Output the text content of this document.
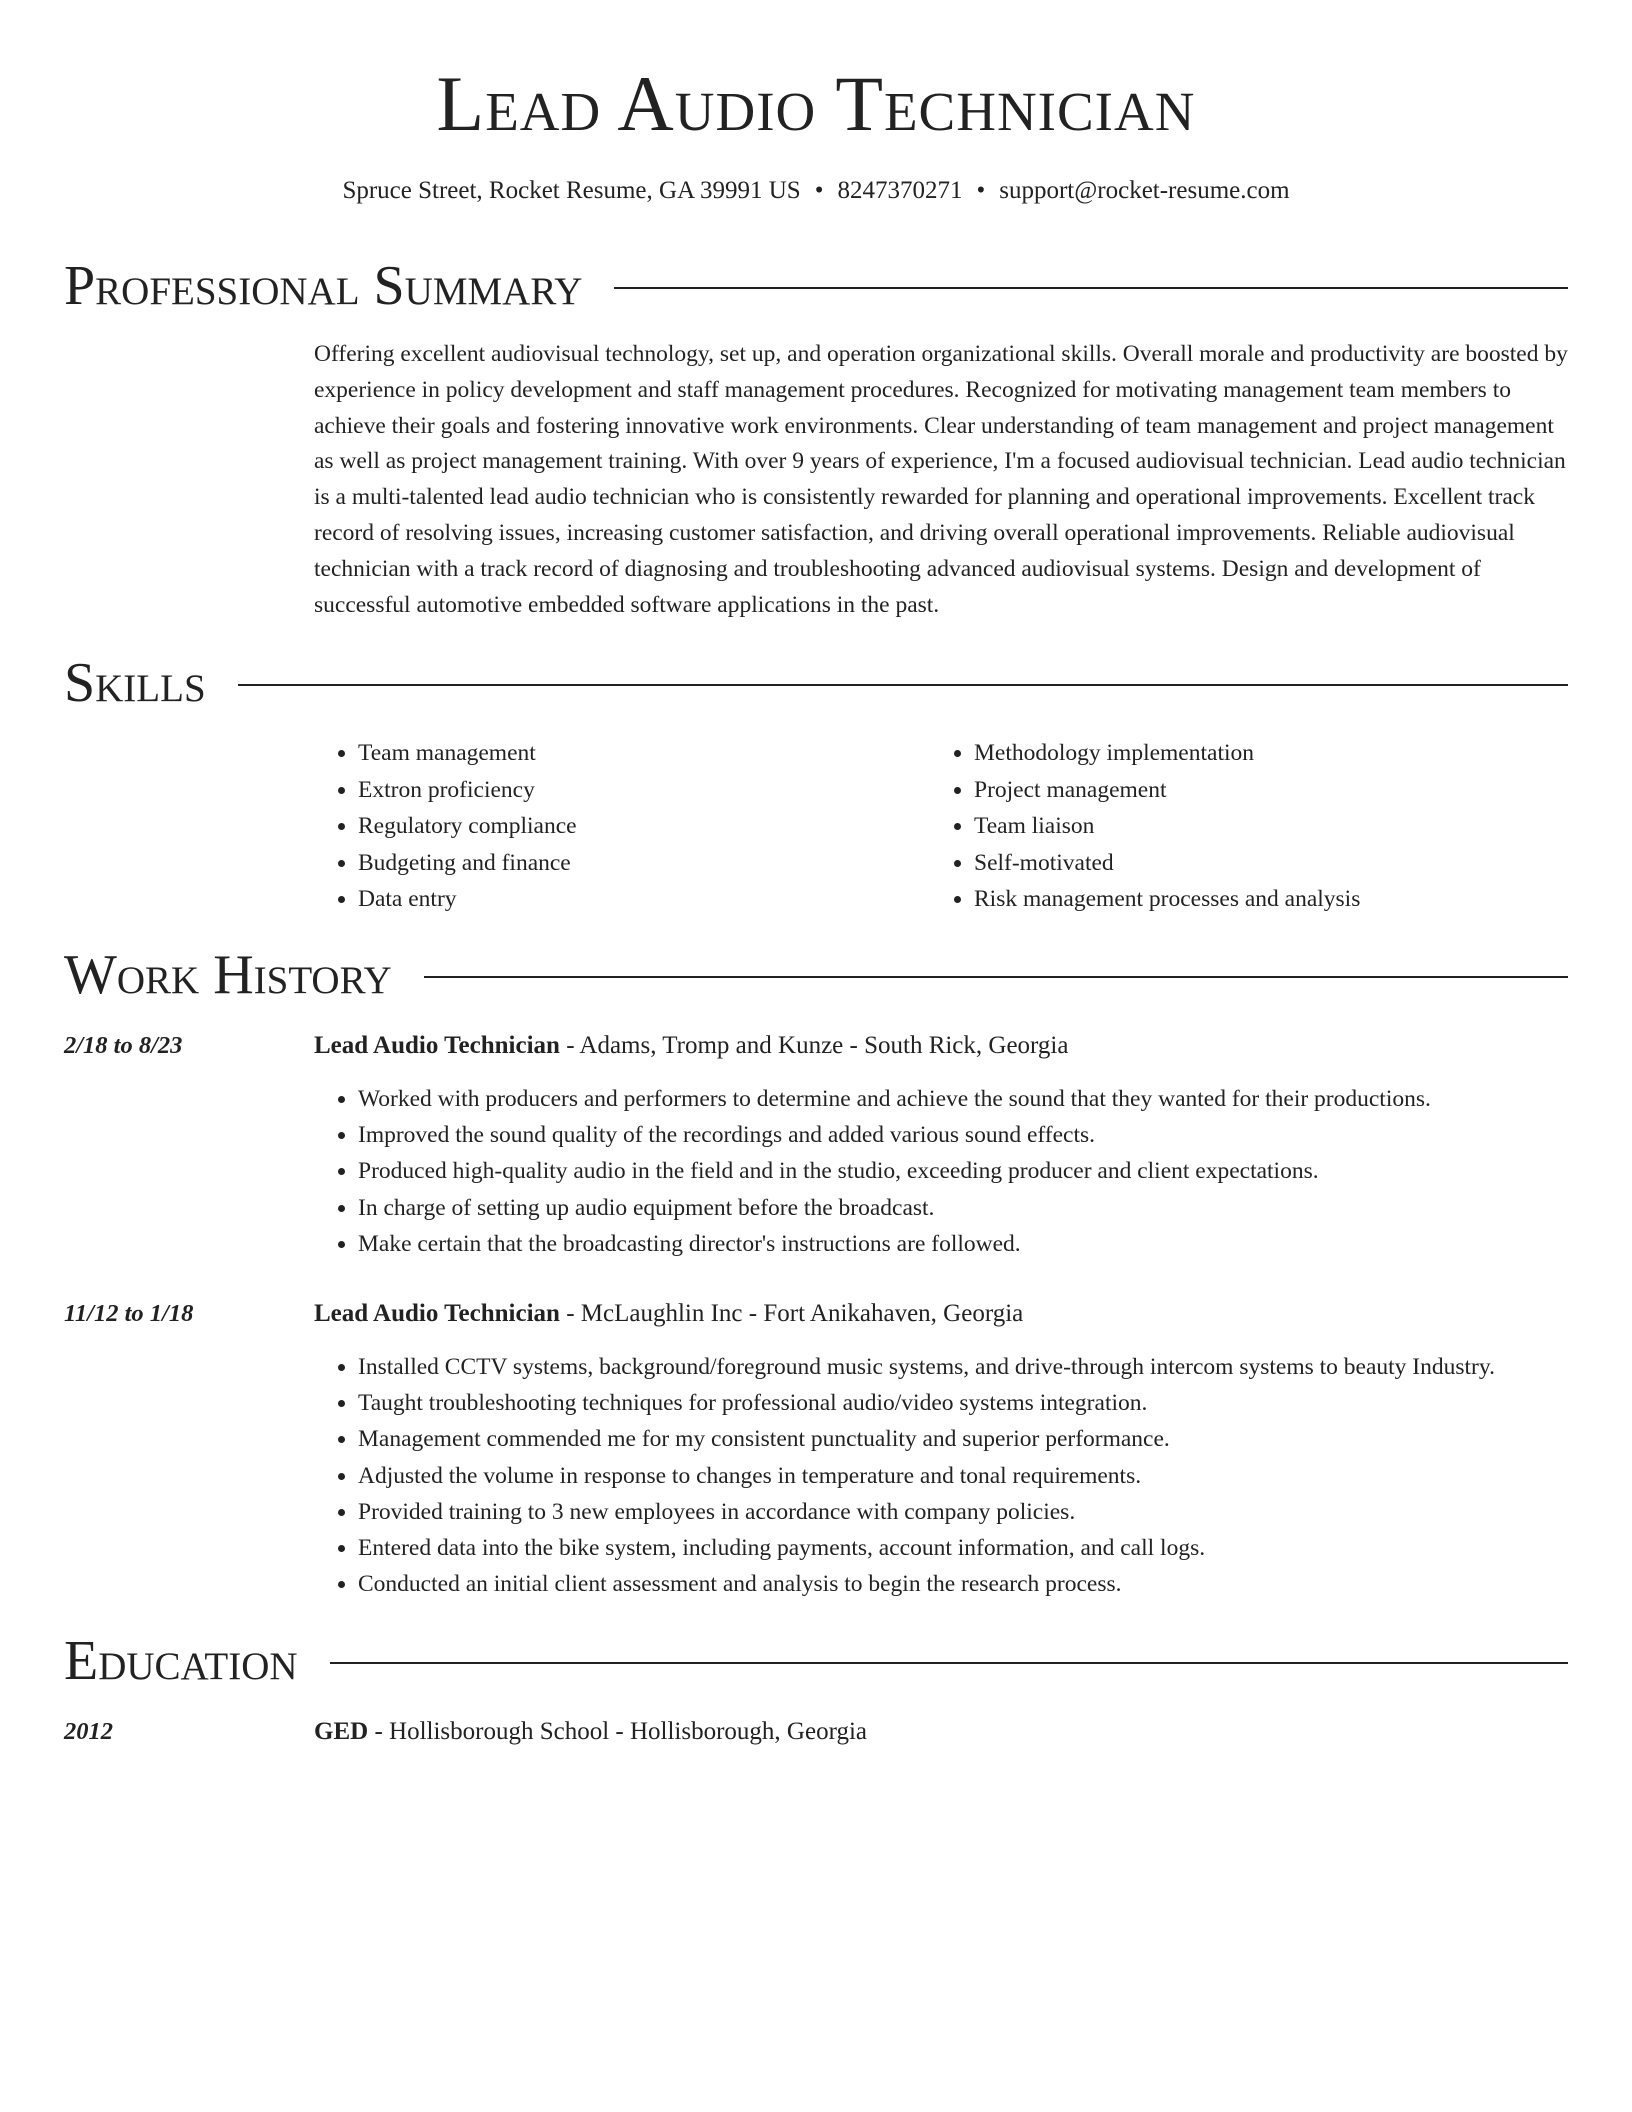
Lead Audio Technician
Spruce Street, Rocket Resume, GA 39991 US • 8247370271 • support@rocket-resume.com
Professional Summary
Offering excellent audiovisual technology, set up, and operation organizational skills. Overall morale and productivity are boosted by experience in policy development and staff management procedures. Recognized for motivating management team members to achieve their goals and fostering innovative work environments. Clear understanding of team management and project management as well as project management training. With over 9 years of experience, I'm a focused audiovisual technician. Lead audio technician is a multi-talented lead audio technician who is consistently rewarded for planning and operational improvements. Excellent track record of resolving issues, increasing customer satisfaction, and driving overall operational improvements. Reliable audiovisual technician with a track record of diagnosing and troubleshooting advanced audiovisual systems. Design and development of successful automotive embedded software applications in the past.
Skills
• Team management
• Extron proficiency
• Regulatory compliance
• Budgeting and finance
• Data entry
• Methodology implementation
• Project management
• Team liaison
• Self-motivated
• Risk management processes and analysis
Work History
2/18 to 8/23	Lead Audio Technician - Adams, Tromp and Kunze - South Rick, Georgia
• Worked with producers and performers to determine and achieve the sound that they wanted for their productions.
• Improved the sound quality of the recordings and added various sound effects.
• Produced high-quality audio in the field and in the studio, exceeding producer and client expectations.
• In charge of setting up audio equipment before the broadcast.
• Make certain that the broadcasting director's instructions are followed.
11/12 to 1/18	Lead Audio Technician - McLaughlin Inc - Fort Anikahaven, Georgia
• Installed CCTV systems, background/foreground music systems, and drive-through intercom systems to beauty Industry.
• Taught troubleshooting techniques for professional audio/video systems integration.
• Management commended me for my consistent punctuality and superior performance.
• Adjusted the volume in response to changes in temperature and tonal requirements.
• Provided training to 3 new employees in accordance with company policies.
• Entered data into the bike system, including payments, account information, and call logs.
• Conducted an initial client assessment and analysis to begin the research process.
Education
2012	GED - Hollisborough School - Hollisborough, Georgia
